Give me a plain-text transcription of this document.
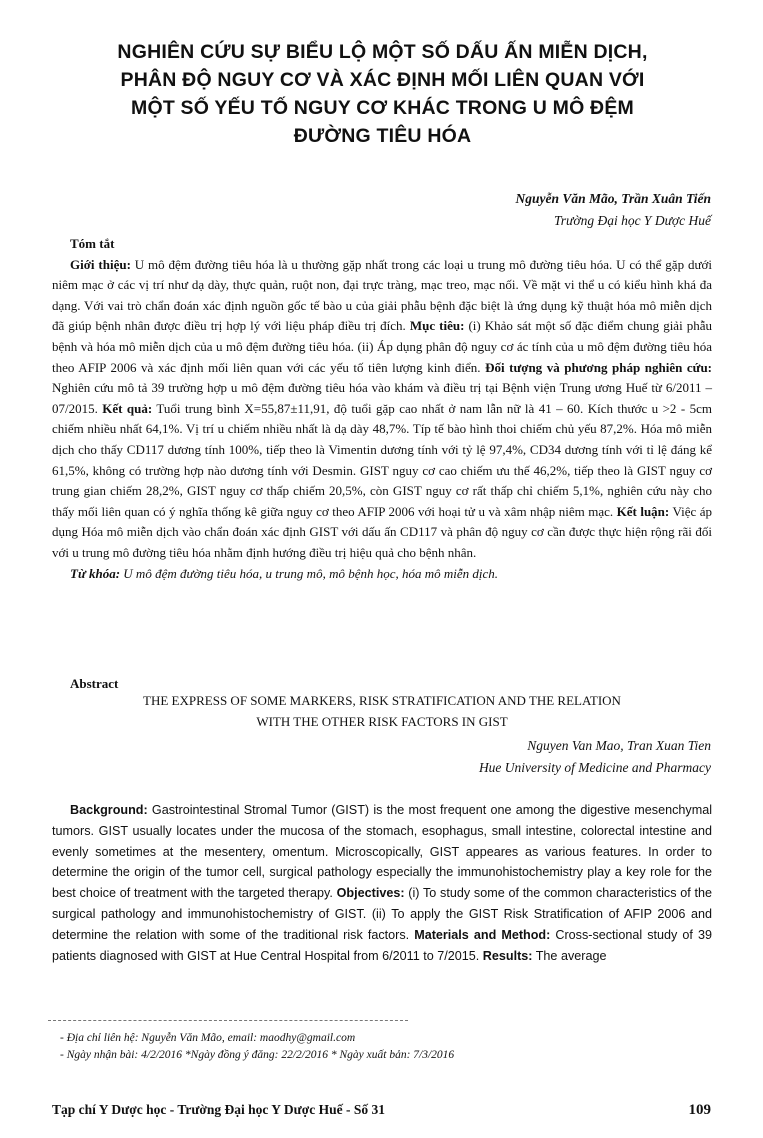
NGHIÊN CỨU SỰ BIỂU LỘ MỘT SỐ DẤU ẤN MIỄN DỊCH,
PHÂN ĐỘ NGUY CƠ VÀ XÁC ĐỊNH MỐI LIÊN QUAN VỚI
MỘT SỐ YẾU TỐ NGUY CƠ KHÁC TRONG U MÔ ĐỆM
ĐƯỜNG TIÊU HÓA
Nguyễn Văn Mão, Trần Xuân Tiến
Trường Đại học Y Dược Huế
Tóm tắt
Giới thiệu: U mô đệm đường tiêu hóa là u thường gặp nhất trong các loại u trung mô đường tiêu hóa. U có thể gặp dưới niêm mạc ở các vị trí như dạ dày, thực quản, ruột non, đại trực tràng, mạc treo, mạc nối. Về mặt vi thể u có kiểu hình khá đa dạng. Với vai trò chẩn đoán xác định nguồn gốc tế bào u của giải phẫu bệnh đặc biệt là ứng dụng kỹ thuật hóa mô miễn dịch đã giúp bệnh nhân được điều trị hợp lý với liệu pháp điều trị đích. Mục tiêu: (i) Khảo sát một số đặc điểm chung giải phẫu bệnh và hóa mô miễn dịch của u mô đệm đường tiêu hóa. (ii) Áp dụng phân độ nguy cơ ác tính của u mô đệm đường tiêu hóa theo AFIP 2006 và xác định mối liên quan với các yếu tố tiên lượng kinh điển. Đối tượng và phương pháp nghiên cứu: Nghiên cứu mô tả 39 trường hợp u mô đệm đường tiêu hóa vào khám và điều trị tại Bệnh viện Trung ương Huế từ 6/2011 – 07/2015. Kết quả: Tuổi trung bình X=55,87±11,91, độ tuổi gặp cao nhất ở nam lẫn nữ là 41 – 60. Kích thước u >2 - 5cm chiếm nhiều nhất 64,1%. Vị trí u chiếm nhiều nhất là dạ dày 48,7%. Típ tế bào hình thoi chiếm chủ yếu 87,2%. Hóa mô miễn dịch cho thấy CD117 dương tính 100%, tiếp theo là Vimentin dương tính với tỷ lệ 97,4%, CD34 dương tính với tỉ lệ đáng kể 61,5%, không có trường hợp nào dương tính với Desmin. GIST nguy cơ cao chiếm ưu thế 46,2%, tiếp theo là GIST nguy cơ trung gian chiếm 28,2%, GIST nguy cơ thấp chiếm 20,5%, còn GIST nguy cơ rất thấp chỉ chiếm 5,1%, nghiên cứu này cho thấy mối liên quan có ý nghĩa thống kê giữa nguy cơ theo AFIP 2006 với hoại tử u và xâm nhập niêm mạc. Kết luận: Việc áp dụng Hóa mô miễn dịch vào chẩn đoán xác định GIST với dấu ấn CD117 và phân độ nguy cơ cần được thực hiện rộng rãi đối với u trung mô đường tiêu hóa nhằm định hướng điều trị hiệu quả cho bệnh nhân.
Từ khóa: U mô đệm đường tiêu hóa, u trung mô, mô bệnh học, hóa mô miễn dịch.
Abstract
THE EXPRESS OF SOME MARKERS, RISK STRATIFICATION AND THE RELATION
WITH THE OTHER RISK FACTORS IN GIST
Nguyen Van Mao, Tran Xuan Tien
Hue University of Medicine and Pharmacy
Background: Gastrointestinal Stromal Tumor (GIST) is the most frequent one among the digestive mesenchymal tumors. GIST usually locates under the mucosa of the stomach, esophagus, small intestine, colorectal intestine and evenly sometimes at the mesentery, omentum. Microscopically, GIST appeares as various features. In order to determine the origin of the tumor cell, surgical pathology especially the immunohistochemistry play a key role for the best choice of treatment with the targeted therapy. Objectives: (i) To study some of the common characteristics of the surgical pathology and immunohistochemistry of GIST. (ii) To apply the GIST Risk Stratification of AFIP 2006 and determine the relation with some of the traditional risk factors. Materials and Method: Cross-sectional study of 39 patients diagnosed with GIST at Hue Central Hospital from 6/2011 to 7/2015. Results: The average
- Địa chỉ liên hệ: Nguyễn Văn Mão, email: maodhy@gmail.com
- Ngày nhận bài: 4/2/2016 *Ngày đồng ý đăng: 22/2/2016 * Ngày xuất bản: 7/3/2016
Tạp chí Y Dược học - Trường Đại học Y Dược Huế - Số 31	109
